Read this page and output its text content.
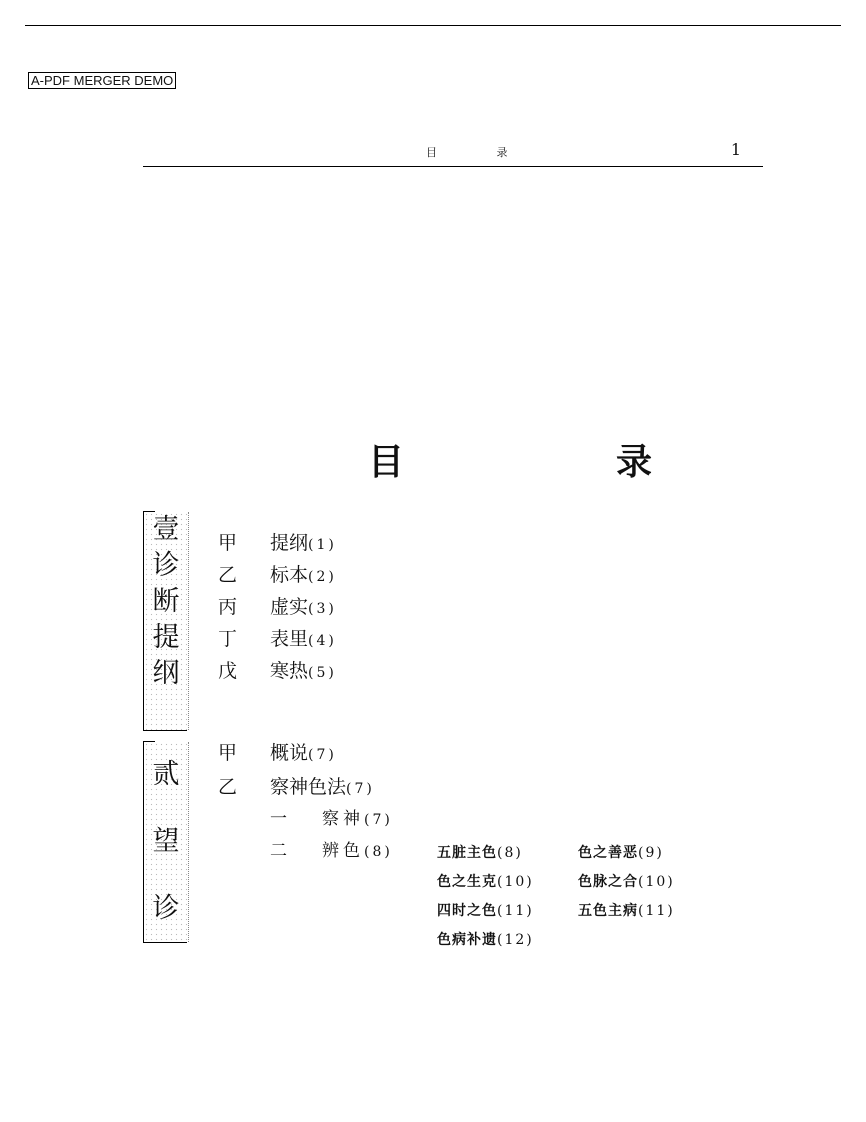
A-PDF MERGER DEMO
目 录	1
目　录
壹
诊
断
提
纲
甲 提纲(1)
乙 标本(2)
丙 虚实(3)
丁 表里(4)
戊 寒热(5)
贰
望
诊
甲 概说(7)
乙 察神色法(7)
一 察神(7)
二 辨色(8)	五脏主色(8)	色之善恶(9)
色之生克(10)	色脉之合(10)
四时之色(11)	五色主病(11)
色病补遗(12)
